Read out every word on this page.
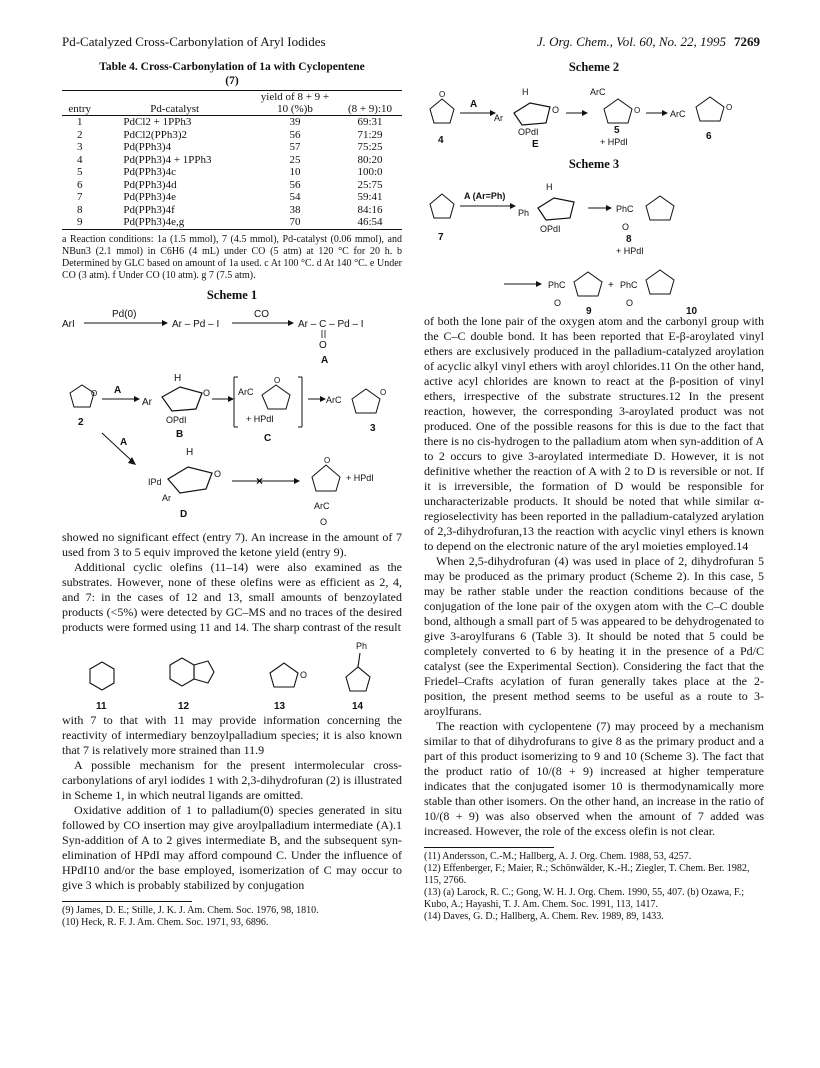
Pd-Catalyzed Cross-Carbonylation of Aryl Iodides	J. Org. Chem., Vol. 60, No. 22, 1995 7269
Table 4. Cross-Carbonylation of 1a with Cyclopentene
(7)
entry	Pd-catalyst	yield of 8 + 9 + 10 (%)b	(8 + 9):10
1	PdCl2 + 1PPh3	39	69:31
2	PdCl2(PPh3)2	56	71:29
3	Pd(PPh3)4	57	75:25
4	Pd(PPh3)4 + 1PPh3	25	80:20
5	Pd(PPh3)4c	10	100:0
6	Pd(PPh3)4d	56	25:75
7	Pd(PPh3)4e	54	59:41
8	Pd(PPh3)4f	38	84:16
9	Pd(PPh3)4e,g	70	46:54
a Reaction conditions: 1a (1.5 mmol), 7 (4.5 mmol), Pd-catalyst (0.06 mmol), and NBun3 (2.1 mmol) in C6H6 (4 mL) under CO (5 atm) at 120 °C for 20 h. b Determined by GLC based on amount of 1a used. c At 100 °C. d At 140 °C. e Under CO (3 atm). f Under CO (10 atm). g 7 (7.5 atm).
Scheme 1
ArI
Pd(0)
Ar – Pd – I
CO
Ar – C – Pd – I
O
A
O
2
A
Ar
H
O
OPdI
B
ArC
O
+ HPdI
C
ArC
O
3
A
H
IPd
O
Ar
D
×
O
+ HPdI
ArC
O

showed no significant effect (entry 7). An increase in the amount of 7 used from 3 to 5 equiv improved the ketone yield (entry 9).

Additional cyclic olefins (11–14) were also examined as the substrates. However, none of these olefins were as efficient as 2, 4, and 7: in the cases of 12 and 13, small amounts of benzoylated products (<5%) were detected by GC–MS and no traces of the desired products were formed using 11 and 14. The sharp contrast of the result

O
Ph
11	12	13	14

with 7 to that with 11 may provide information concerning the reactivity of intermediary benzoylpalladium species; it is also known that 7 is relatively more strained than 11.9

A possible mechanism for the present intermolecular cross-carbonylations of aryl iodides 1 with 2,3-dihydrofuran (2) is illustrated in Scheme 1, in which neutral ligands are omitted.

Oxidative addition of 1 to palladium(0) species generated in situ followed by CO insertion may give aroylpalladium intermediate (A).1 Syn-addition of A to 2 gives intermediate B, and the subsequent syn-elimination of HPdI may afford compound C. Under the influence of HPdI10 and/or the base employed, isomerization of C may occur to give 3 which is probably stabilized by conjugation

(9) James, D. E.; Stille, J. K. J. Am. Chem. Soc. 1976, 98, 1810.
(10) Heck, R. F. J. Am. Chem. Soc. 1971, 93, 6896.
Scheme 2
O
4
A
Ar
H
O
OPdI
E
ArC
O
5
+ HPdI
ArC
O
6
Scheme 3
7
A (Ar=Ph)
Ph
H
OPdI
PhC
O
8
+ HPdI
PhC
O
+ PhC
O
9	10

of both the lone pair of the oxygen atom and the carbonyl group with the C–C double bond. It has been reported that E-β-aroylated vinyl ethers are exclusively produced in the palladium-catalyzed aroylation of acyclic alkyl vinyl ethers with aroyl chlorides.11 On the other hand, active acyl chlorides are known to react at the β-position of vinyl ethers, irrespective of the substrate structures.12 In the present reaction, however, the corresponding 3-aroylated product was not produced. One of the possible reasons for this is due to the fact that there is no cis-hydrogen to the palladium atom when syn-addition of A to 2 occurs to give 3-aroylated intermediate D. However, it is not definitive whether the reaction of A with 2 to D is reversible or not. If it is irreversible, the formation of D would be responsible for uncharacterizable products. It should be noted that while similar α-regioselectivity has been reported in the palladium-catalyzed arylation of 2,3-dihydrofuran,13 the reaction with acyclic vinyl ethers is known to depend on the electronic nature of the aryl moieties employed.14

When 2,5-dihydrofuran (4) was used in place of 2, dihydrofuran 5 may be produced as the primary product (Scheme 2). In this case, 5 may be rather stable under the reaction conditions because of the conjugation of the lone pair of the oxygen atom with the C–C double bond, although a small part of 5 was appeared to be dehydrogenated to give 3-aroylfurans 6 (Table 3). It should be noted that 5 could be completely converted to 6 by heating it in the presence of a Pd/C catalyst (see the Experimental Section). Considering the fact that the Friedel–Crafts acylation of furan generally takes place at the 2-position, the present method seems to be useful as a route to 3-aroylfurans.

The reaction with cyclopentene (7) may proceed by a mechanism similar to that of dihydrofurans to give 8 as the primary product and a part of this product isomerizing to 9 and 10 (Scheme 3). The fact that the product ratio of 10/(8 + 9) increased at higher temperature indicates that the conjugated isomer 10 is thermodynamically more stable than other isomers. On the other hand, an increase in the ratio of 10/(8 + 9) was also observed when the amount of 7 added was increased. However, the role of the excess olefin is not clear.

(11) Andersson, C.-M.; Hallberg, A. J. Org. Chem. 1988, 53, 4257.
(12) Effenberger, F.; Maier, R.; Schönwälder, K.-H.; Ziegler, T. Chem. Ber. 1982, 115, 2766.
(13) (a) Larock, R. C.; Gong, W. H. J. Org. Chem. 1990, 55, 407. (b) Ozawa, F.; Kubo, A.; Hayashi, T. J. Am. Chem. Soc. 1991, 113, 1417.
(14) Daves, G. D.; Hallberg, A. Chem. Rev. 1989, 89, 1433.
